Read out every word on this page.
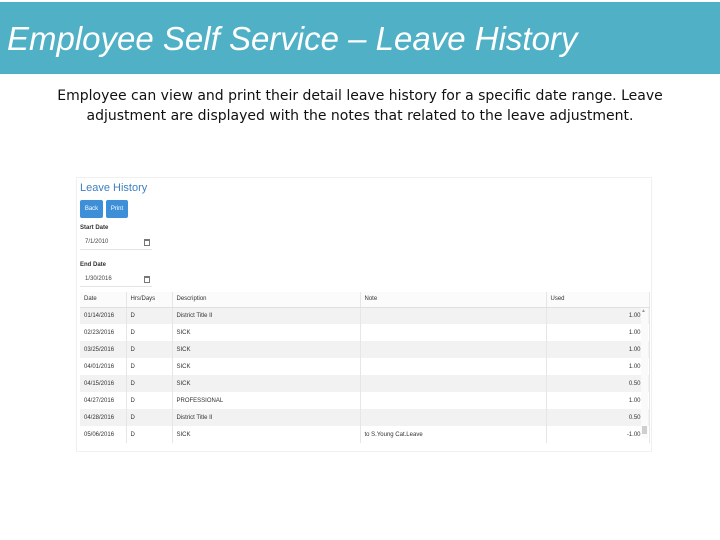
Employee Self Service – Leave History
Employee can view and print their detail leave history for a specific date range. Leave adjustment are displayed with the notes that related to the leave adjustment.
Leave History
Back	Print
Start Date
7/1/2010
End Date
1/30/2016
Date	Hrs/Days	Description	Note	Used
01/14/2016	D	District Title II		1.00
02/23/2016	D	SICK		1.00
03/25/2016	D	SICK		1.00
04/01/2016	D	SICK		1.00
04/15/2016	D	SICK		0.50
04/27/2016	D	PROFESSIONAL		1.00
04/28/2016	D	District Title II		0.50
05/06/2016	D	SICK	to S.Young Cat.Leave	-1.00
▲
